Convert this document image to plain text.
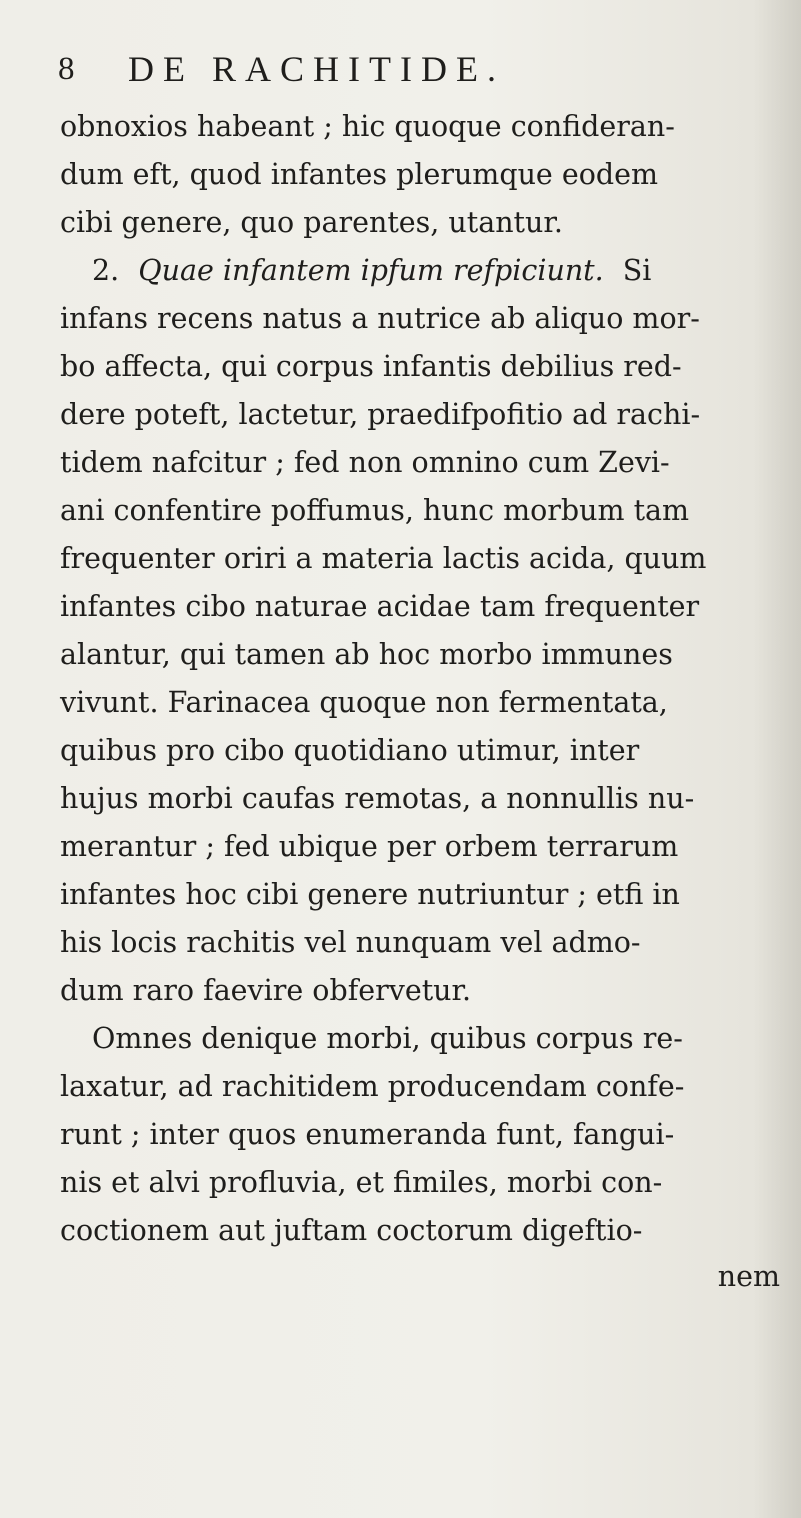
8 DE RACHITIDE.
obnoxios habeant ; hic quoque confideran-
dum eft, quod infantes plerumque eodem
cibi genere, quo parentes, utantur.
2. Quae infantem ipfum refpiciunt. Si
infans recens natus a nutrice ab aliquo mor-
bo affecta, qui corpus infantis debilius red-
dere poteft, lactetur, praedifpofitio ad rachi-
tidem nafcitur ; fed non omnino cum Zevi-
ani confentire poffumus, hunc morbum tam
frequenter oriri a materia lactis acida, quum
infantes cibo naturae acidae tam frequenter
alantur, qui tamen ab hoc morbo immunes
vivunt. Farinacea quoque non fermentata,
quibus pro cibo quotidiano utimur, inter
hujus morbi caufas remotas, a nonnullis nu-
merantur ; fed ubique per orbem terrarum
infantes hoc cibi genere nutriuntur ; etfi in
his locis rachitis vel nunquam vel admo-
dum raro faevire obfervetur.
Omnes denique morbi, quibus corpus re-
laxatur, ad rachitidem producendam confe-
runt ; inter quos enumeranda funt, fangui-
nis et alvi profluvia, et fimiles, morbi con-
coctionem aut juftam coctorum digeftio-
nem
